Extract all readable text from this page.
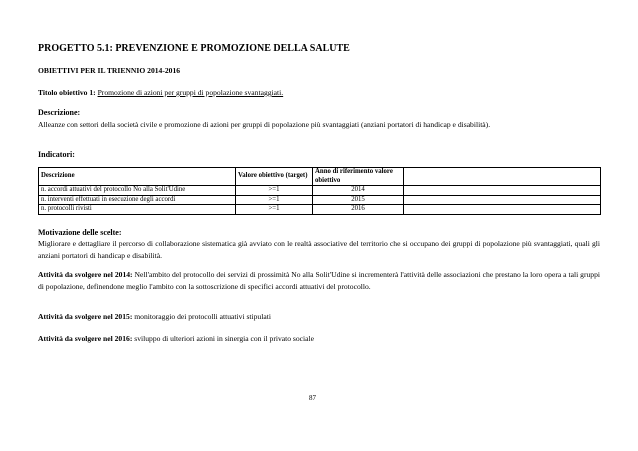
PROGETTO 5.1: PREVENZIONE E PROMOZIONE DELLA SALUTE
OBIETTIVI PER IL TRIENNIO 2014-2016
Titolo obiettivo 1: Promozione di azioni per gruppi di popolazione svantaggiati.
Descrizione:
Alleanze con settori della società civile e promozione di azioni per gruppi di popolazione più svantaggiati (anziani portatori di handicap e disabilità).
Indicatori:
Descrizione	Valore obiettivo (target)	Anno di riferimento valore obiettivo	
n. accordi attuativi del protocollo No alla Solit'Udine	>=1	2014	
n. interventi effettuati in esecuzione degli accordi	>=1	2015	
n. protocolli rivisti	>=1	2016	
Motivazione delle scelte:
Migliorare e dettagliare il percorso di collaborazione sistematica già avviato con le realtà associative del territorio che si occupano dei gruppi di popolazione più svantaggiati, quali gli anziani portatori di handicap e disabilità.
Attività da svolgere nel 2014: Nell'ambito del protocollo dei servizi di prossimità No alla Solit'Udine si incrementerà l'attività delle associazioni che prestano la loro opera a tali gruppi di popolazione, definendone meglio l'ambito con la sottoscrizione di specifici accordi attuativi del protocollo.
Attività da svolgere nel 2015: monitoraggio dei protocolli attuativi stipulati
Attività da svolgere nel 2016: sviluppo di ulteriori azioni in sinergia con il privato sociale
87
